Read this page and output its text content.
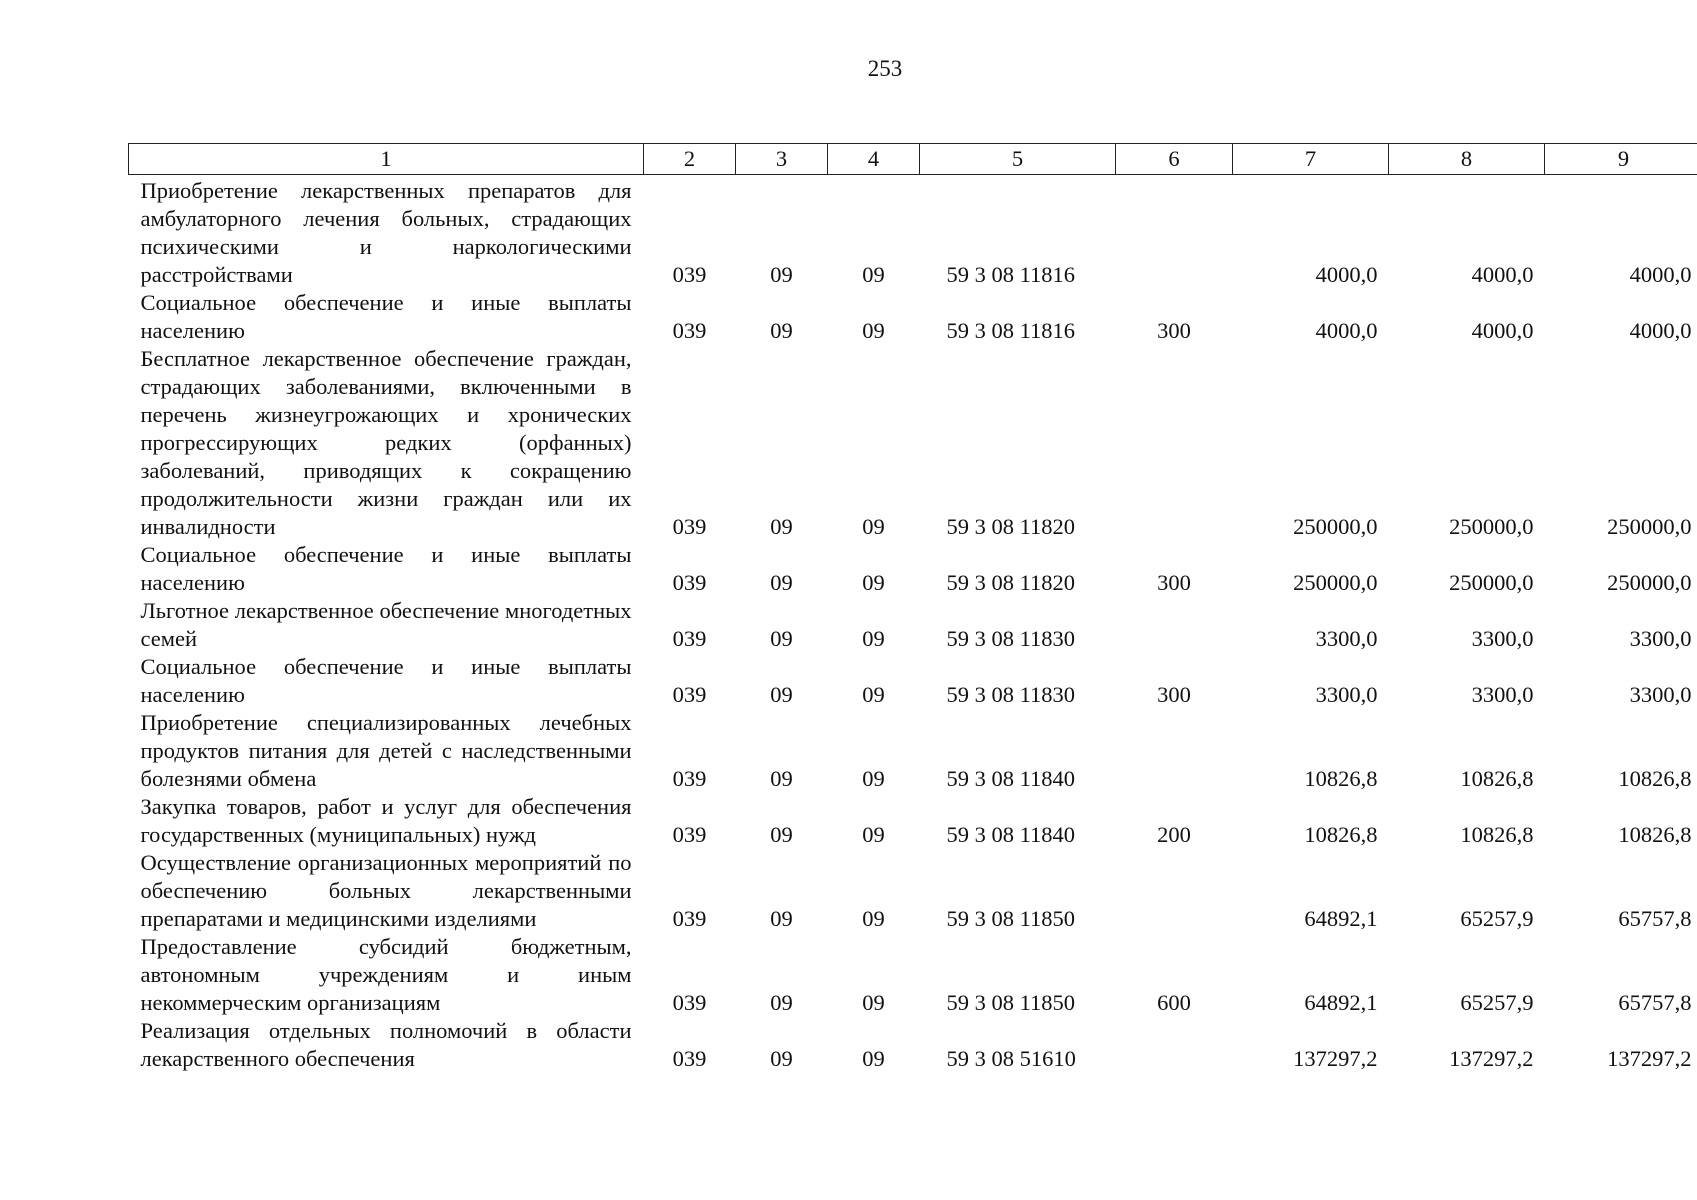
253
1	2	3	4	5	6	7	8	9
Приобретение лекарственных препаратов для амбулаторного лечения больных, страдающих психическими и наркологическими расстройствами	039	09	09	59 3 08 11816		4000,0	4000,0	4000,0
Социальное обеспечение и иные выплаты населению	039	09	09	59 3 08 11816	300	4000,0	4000,0	4000,0
Бесплатное лекарственное обеспечение граждан, страдающих заболеваниями, включенными в перечень жизнеугрожающих и хронических прогрессирующих редких (орфанных) заболеваний, приводящих к сокращению продолжительности жизни граждан или их инвалидности	039	09	09	59 3 08 11820		250000,0	250000,0	250000,0
Социальное обеспечение и иные выплаты населению	039	09	09	59 3 08 11820	300	250000,0	250000,0	250000,0
Льготное лекарственное обеспечение многодетных семей	039	09	09	59 3 08 11830		3300,0	3300,0	3300,0
Социальное обеспечение и иные выплаты населению	039	09	09	59 3 08 11830	300	3300,0	3300,0	3300,0
Приобретение специализированных лечебных продуктов питания для детей с наследственными болезнями обмена	039	09	09	59 3 08 11840		10826,8	10826,8	10826,8
Закупка товаров, работ и услуг для обеспечения государственных (муниципальных) нужд	039	09	09	59 3 08 11840	200	10826,8	10826,8	10826,8
Осуществление организационных мероприятий по обеспечению больных лекарственными препаратами и медицинскими изделиями	039	09	09	59 3 08 11850		64892,1	65257,9	65757,8
Предоставление субсидий бюджетным, автономным учреждениям и иным некоммерческим организациям	039	09	09	59 3 08 11850	600	64892,1	65257,9	65757,8
Реализация отдельных полномочий в области лекарственного обеспечения	039	09	09	59 3 08 51610		137297,2	137297,2	137297,2
